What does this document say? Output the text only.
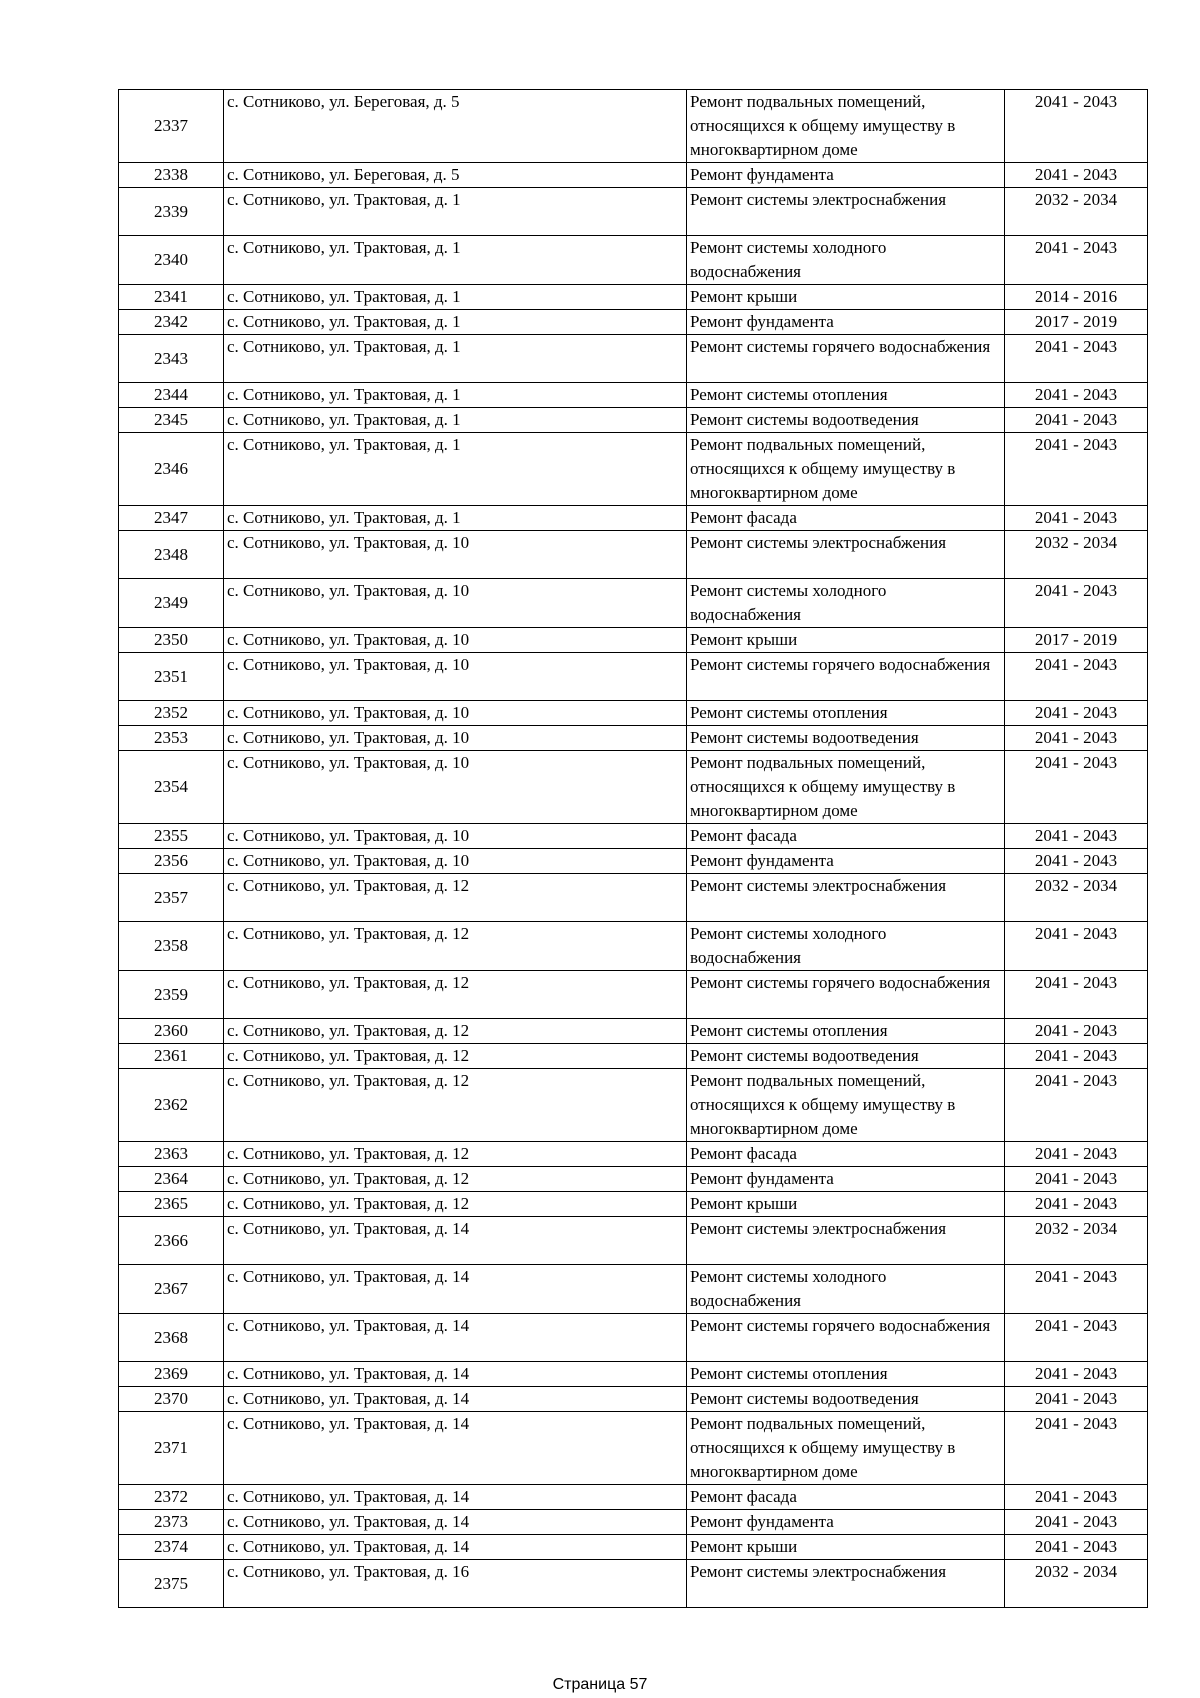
2337	с. Сотниково, ул. Береговая, д. 5	Ремонт подвальных помещений, относящихся к общему имуществу в многоквартирном доме	2041 - 2043
2338	с. Сотниково, ул. Береговая, д. 5	Ремонт фундамента	2041 - 2043
2339	с. Сотниково, ул. Трактовая, д. 1	Ремонт системы электроснабжения	2032 - 2034
2340	с. Сотниково, ул. Трактовая, д. 1	Ремонт системы холодного водоснабжения	2041 - 2043
2341	с. Сотниково, ул. Трактовая, д. 1	Ремонт крыши	2014 - 2016
2342	с. Сотниково, ул. Трактовая, д. 1	Ремонт фундамента	2017 - 2019
2343	с. Сотниково, ул. Трактовая, д. 1	Ремонт системы горячего водоснабжения	2041 - 2043
2344	с. Сотниково, ул. Трактовая, д. 1	Ремонт системы отопления	2041 - 2043
2345	с. Сотниково, ул. Трактовая, д. 1	Ремонт системы водоотведения	2041 - 2043
2346	с. Сотниково, ул. Трактовая, д. 1	Ремонт подвальных помещений, относящихся к общему имуществу в многоквартирном доме	2041 - 2043
2347	с. Сотниково, ул. Трактовая, д. 1	Ремонт фасада	2041 - 2043
2348	с. Сотниково, ул. Трактовая, д. 10	Ремонт системы электроснабжения	2032 - 2034
2349	с. Сотниково, ул. Трактовая, д. 10	Ремонт системы холодного водоснабжения	2041 - 2043
2350	с. Сотниково, ул. Трактовая, д. 10	Ремонт крыши	2017 - 2019
2351	с. Сотниково, ул. Трактовая, д. 10	Ремонт системы горячего водоснабжения	2041 - 2043
2352	с. Сотниково, ул. Трактовая, д. 10	Ремонт системы отопления	2041 - 2043
2353	с. Сотниково, ул. Трактовая, д. 10	Ремонт системы водоотведения	2041 - 2043
2354	с. Сотниково, ул. Трактовая, д. 10	Ремонт подвальных помещений, относящихся к общему имуществу в многоквартирном доме	2041 - 2043
2355	с. Сотниково, ул. Трактовая, д. 10	Ремонт фасада	2041 - 2043
2356	с. Сотниково, ул. Трактовая, д. 10	Ремонт фундамента	2041 - 2043
2357	с. Сотниково, ул. Трактовая, д. 12	Ремонт системы электроснабжения	2032 - 2034
2358	с. Сотниково, ул. Трактовая, д. 12	Ремонт системы холодного водоснабжения	2041 - 2043
2359	с. Сотниково, ул. Трактовая, д. 12	Ремонт системы горячего водоснабжения	2041 - 2043
2360	с. Сотниково, ул. Трактовая, д. 12	Ремонт системы отопления	2041 - 2043
2361	с. Сотниково, ул. Трактовая, д. 12	Ремонт системы водоотведения	2041 - 2043
2362	с. Сотниково, ул. Трактовая, д. 12	Ремонт подвальных помещений, относящихся к общему имуществу в многоквартирном доме	2041 - 2043
2363	с. Сотниково, ул. Трактовая, д. 12	Ремонт фасада	2041 - 2043
2364	с. Сотниково, ул. Трактовая, д. 12	Ремонт фундамента	2041 - 2043
2365	с. Сотниково, ул. Трактовая, д. 12	Ремонт крыши	2041 - 2043
2366	с. Сотниково, ул. Трактовая, д. 14	Ремонт системы электроснабжения	2032 - 2034
2367	с. Сотниково, ул. Трактовая, д. 14	Ремонт системы холодного водоснабжения	2041 - 2043
2368	с. Сотниково, ул. Трактовая, д. 14	Ремонт системы горячего водоснабжения	2041 - 2043
2369	с. Сотниково, ул. Трактовая, д. 14	Ремонт системы отопления	2041 - 2043
2370	с. Сотниково, ул. Трактовая, д. 14	Ремонт системы водоотведения	2041 - 2043
2371	с. Сотниково, ул. Трактовая, д. 14	Ремонт подвальных помещений, относящихся к общему имуществу в многоквартирном доме	2041 - 2043
2372	с. Сотниково, ул. Трактовая, д. 14	Ремонт фасада	2041 - 2043
2373	с. Сотниково, ул. Трактовая, д. 14	Ремонт фундамента	2041 - 2043
2374	с. Сотниково, ул. Трактовая, д. 14	Ремонт крыши	2041 - 2043
2375	с. Сотниково, ул. Трактовая, д. 16	Ремонт системы электроснабжения	2032 - 2034
Страница 57
